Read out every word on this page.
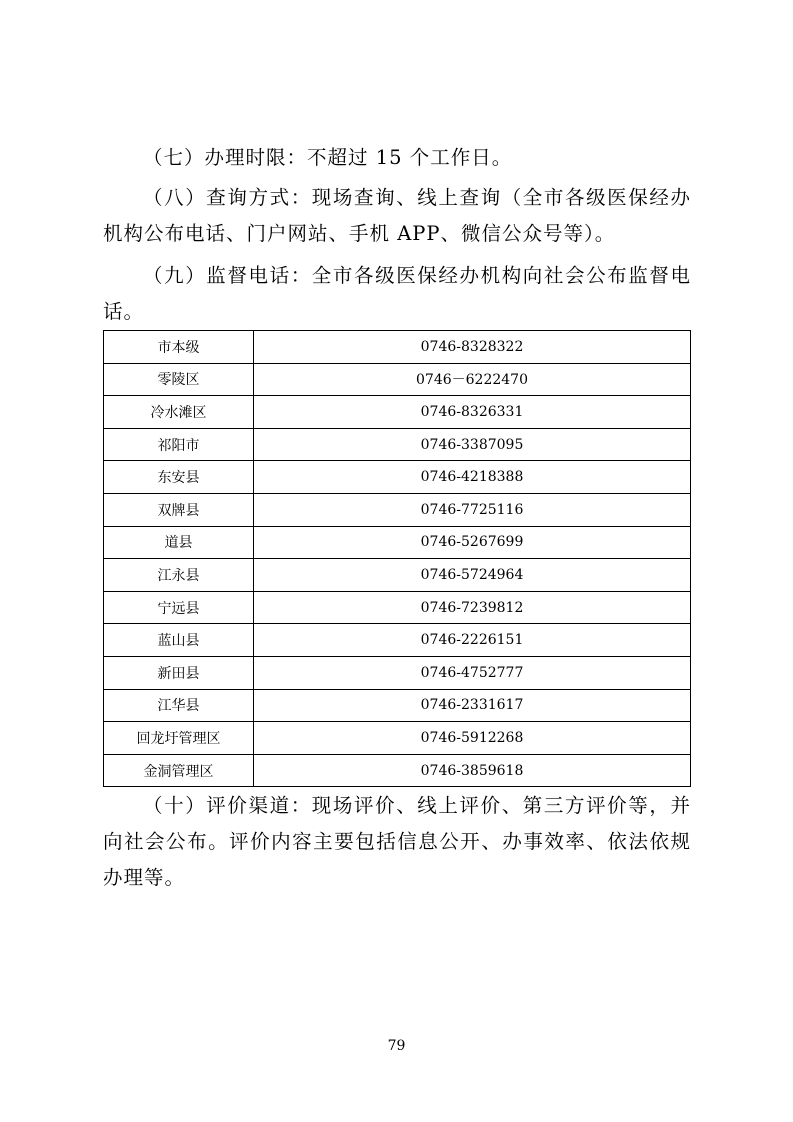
（七）办理时限：不超过 15 个工作日。

（八）查询方式：现场查询、线上查询（全市各级医保经办机构公布电话、门户网站、手机 APP、微信公众号等）。

（九）监督电话：全市各级医保经办机构向社会公布监督电话。

市本级	0746-8328322
零陵区	0746－6222470
冷水滩区	0746-8326331
祁阳市	0746-3387095
东安县	0746-4218388
双牌县	0746-7725116
道县	0746-5267699
江永县	0746-5724964
宁远县	0746-7239812
蓝山县	0746-2226151
新田县	0746-4752777
江华县	0746-2331617
回龙圩管理区	0746-5912268
金洞管理区	0746-3859618

（十）评价渠道：现场评价、线上评价、第三方评价等，并向社会公布。评价内容主要包括信息公开、办事效率、依法依规办理等。

79
